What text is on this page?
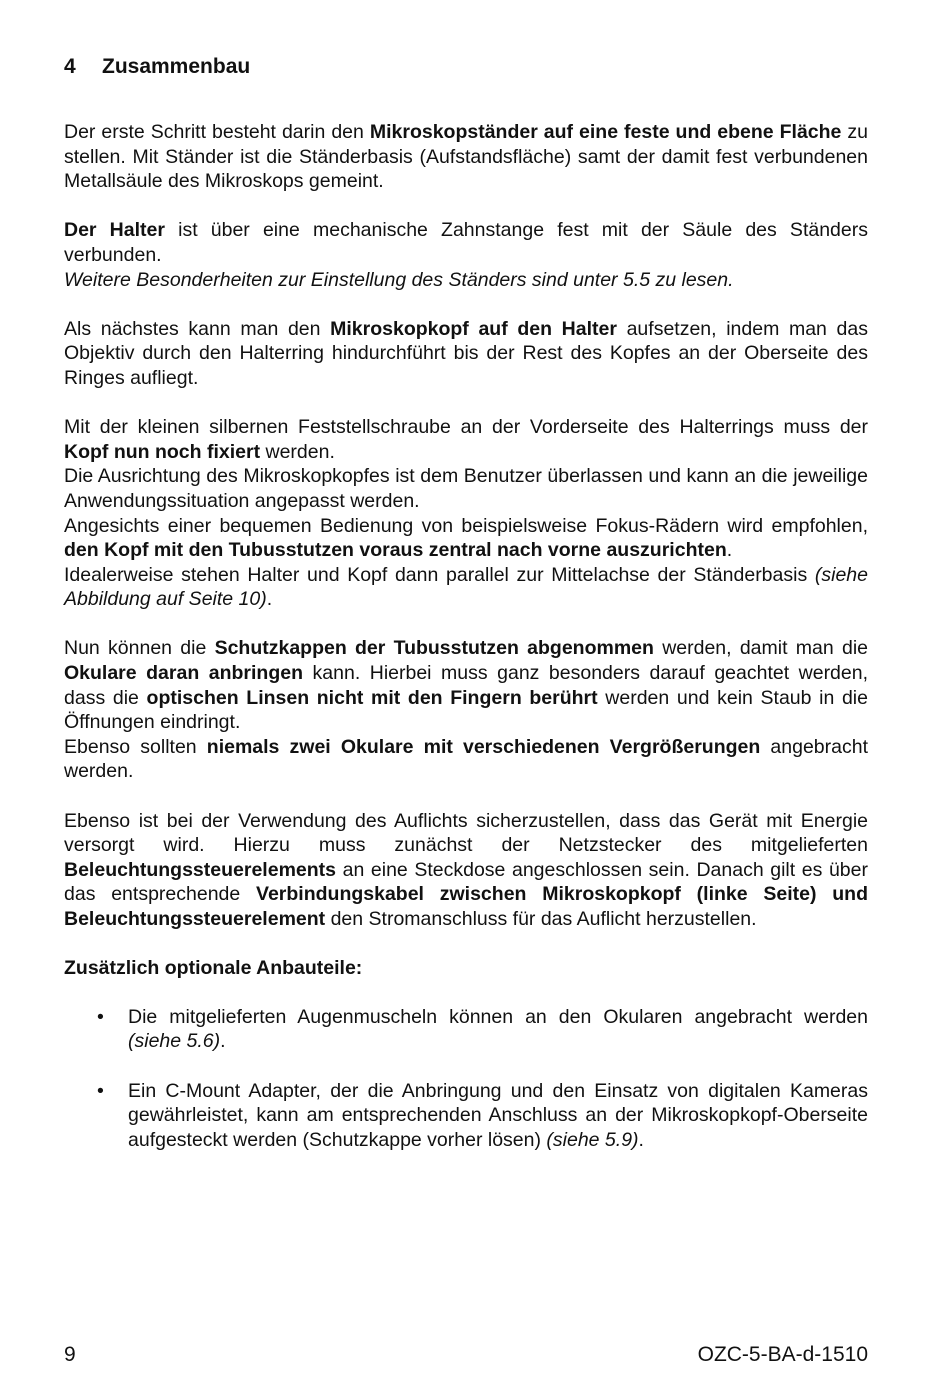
4 Zusammenbau

Der erste Schritt besteht darin den Mikroskopständer auf eine feste und ebene Fläche zu stellen. Mit Ständer ist die Ständerbasis (Aufstandsfläche) samt der damit fest verbundenen Metallsäule des Mikroskops gemeint.

Der Halter ist über eine mechanische Zahnstange fest mit der Säule des Ständers verbunden.
Weitere Besonderheiten zur Einstellung des Ständers sind unter 5.5 zu lesen.

Als nächstes kann man den Mikroskopkopf auf den Halter aufsetzen, indem man das Objektiv durch den Halterring hindurchführt bis der Rest des Kopfes an der Oberseite des Ringes aufliegt.

Mit der kleinen silbernen Feststellschraube an der Vorderseite des Halterrings muss der Kopf nun noch fixiert werden.
Die Ausrichtung des Mikroskopkopfes ist dem Benutzer überlassen und kann an die jeweilige Anwendungssituation angepasst werden.
Angesichts einer bequemen Bedienung von beispielsweise Fokus-Rädern wird empfohlen, den Kopf mit den Tubusstutzen voraus zentral nach vorne auszurichten.
Idealerweise stehen Halter und Kopf dann parallel zur Mittelachse der Ständerbasis (siehe Abbildung auf Seite 10).

Nun können die Schutzkappen der Tubusstutzen abgenommen werden, damit man die Okulare daran anbringen kann. Hierbei muss ganz besonders darauf geachtet werden, dass die optischen Linsen nicht mit den Fingern berührt werden und kein Staub in die Öffnungen eindringt.
Ebenso sollten niemals zwei Okulare mit verschiedenen Vergrößerungen angebracht werden.

Ebenso ist bei der Verwendung des Auflichts sicherzustellen, dass das Gerät mit Energie versorgt wird. Hierzu muss zunächst der Netzstecker des mitgelieferten Beleuchtungssteuerelements an eine Steckdose angeschlossen sein. Danach gilt es über das entsprechende Verbindungskabel zwischen Mikroskopkopf (linke Seite) und Beleuchtungssteuerelement den Stromanschluss für das Auflicht herzustellen.

Zusätzlich optionale Anbauteile:

• Die mitgelieferten Augenmuscheln können an den Okularen angebracht werden (siehe 5.6).
• Ein C-Mount Adapter, der die Anbringung und den Einsatz von digitalen Kameras gewährleistet, kann am entsprechenden Anschluss an der Mikroskopkopf-Oberseite aufgesteckt werden (Schutzkappe vorher lösen) (siehe 5.9).
9	OZC-5-BA-d-1510
